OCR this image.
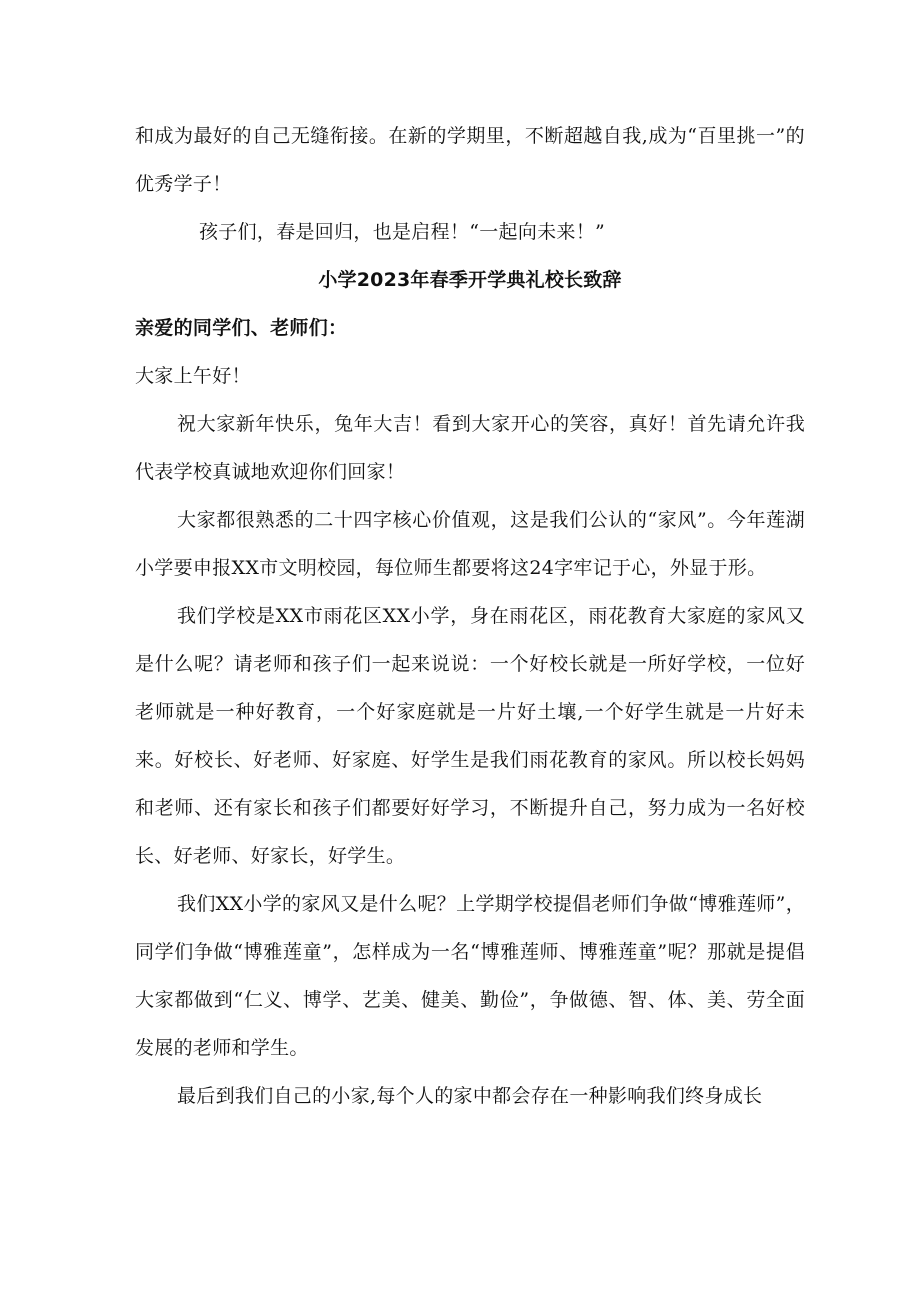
和成为最好的自己无缝衔接。在新的学期里，不断超越自我,成为“百里挑一”的优秀学子！

孩子们，春是回归，也是启程！“一起向未来！”

小学2023年春季开学典礼校长致辞

亲爱的同学们、老师们：

大家上午好！

祝大家新年快乐，兔年大吉！看到大家开心的笑容，真好！首先请允许我代表学校真诚地欢迎你们回家！

大家都很熟悉的二十四字核心价值观，这是我们公认的“家风”。今年莲湖小学要申报XX市文明校园，每位师生都要将这24字牢记于心，外显于形。

我们学校是XX市雨花区XX小学，身在雨花区，雨花教育大家庭的家风又是什么呢？请老师和孩子们一起来说说：一个好校长就是一所好学校，一位好老师就是一种好教育，一个好家庭就是一片好土壤,一个好学生就是一片好未来。好校长、好老师、好家庭、好学生是我们雨花教育的家风。所以校长妈妈和老师、还有家长和孩子们都要好好学习，不断提升自己，努力成为一名好校长、好老师、好家长，好学生。

我们XX小学的家风又是什么呢？上学期学校提倡老师们争做“博雅莲师”，同学们争做“博雅莲童”，怎样成为一名“博雅莲师、博雅莲童”呢？那就是提倡大家都做到“仁义、博学、艺美、健美、勤俭”，争做德、智、体、美、劳全面发展的老师和学生。

最后到我们自己的小家,每个人的家中都会存在一种影响我们终身成长
